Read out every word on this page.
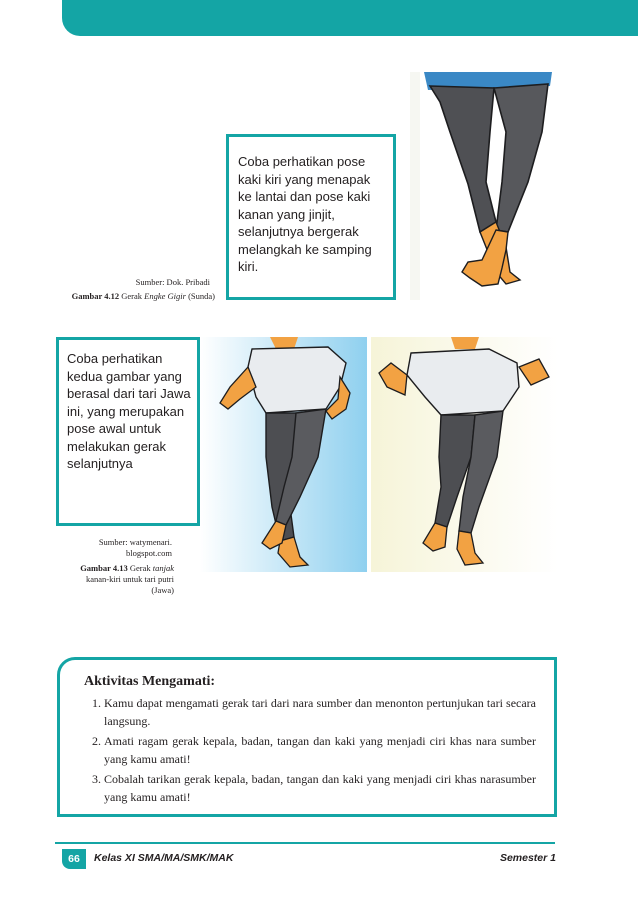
Coba perhatikan pose kaki kiri yang menapak ke lantai dan pose kaki kanan yang jinjit, selanjutnya bergerak melangkah ke samping kiri.
Sumber: Dok. Pribadi
Gambar 4.12 Gerak Engke Gigir (Sunda)
Coba perhatikan kedua gambar yang berasal dari tari Jawa ini, yang merupakan pose awal untuk melakukan gerak selanjutnya
Sumber: watymenari.
blogspot.com
Gambar 4.13 Gerak tanjak
kanan-kiri untuk tari putri
(Jawa)
Aktivitas Mengamati:
1. Kamu dapat mengamati gerak tari dari nara sumber dan menonton pertunjukan tari secara langsung.
2. Amati ragam gerak kepala, badan, tangan dan kaki yang menjadi ciri khas nara sumber yang kamu amati!
3. Cobalah tarikan gerak kepala, badan, tangan dan kaki yang menjadi ciri khas narasumber yang kamu amati!
66	Kelas XI SMA/MA/SMK/MAK	Semester 1
